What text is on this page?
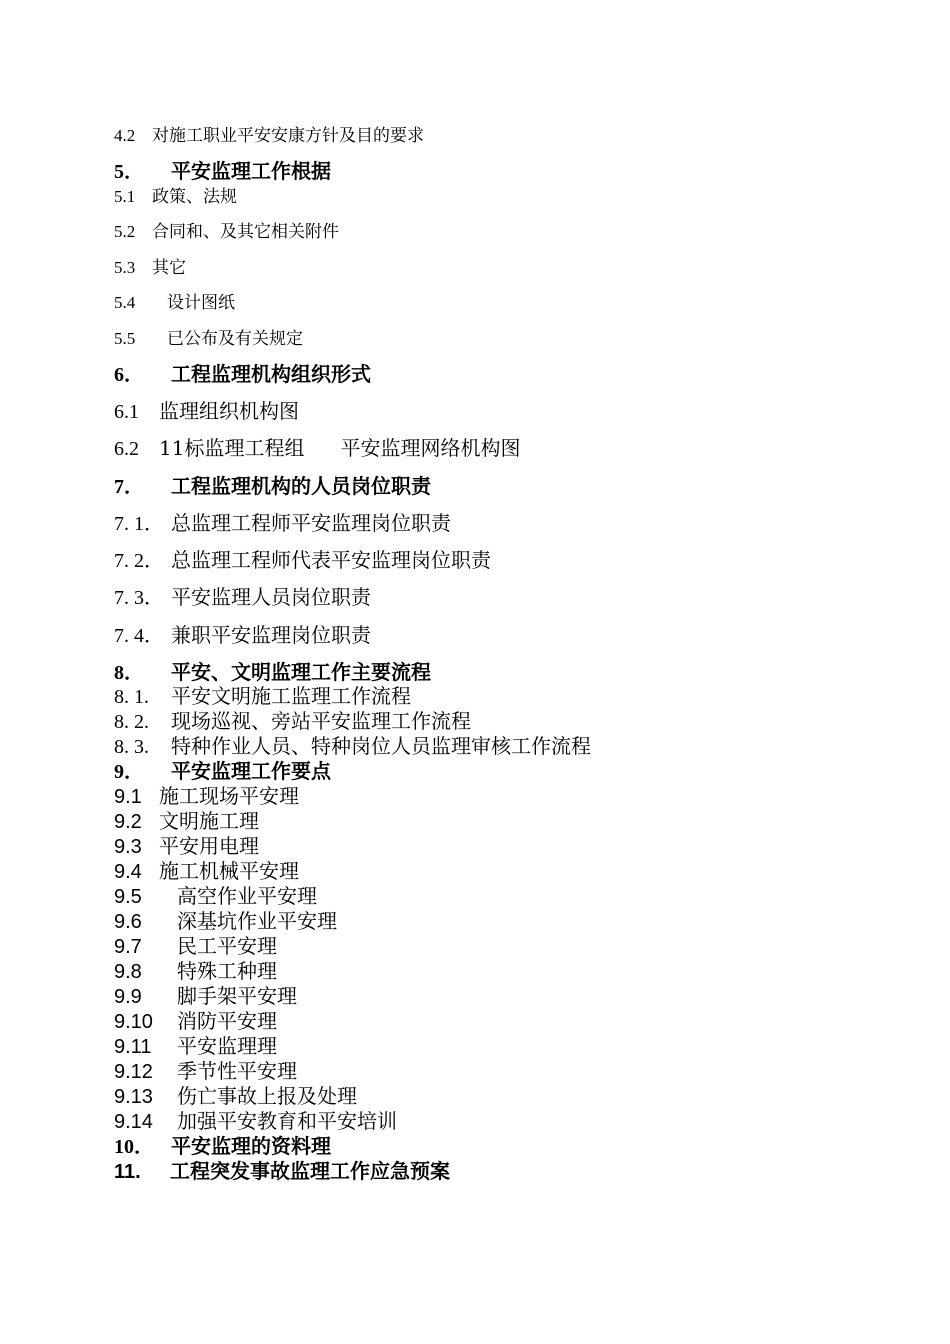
4.2 对施工职业平安安康方针及目的要求
5． 平安监理工作根据
5.1 政策、法规
5.2 合同和、及其它相关附件
5.3 其它
5.4 设计图纸
5.5 已公布及有关规定
6． 工程监理机构组织形式
6.1 监理组织机构图
6.2 11标监理工程组 平安监理网络机构图
7． 工程监理机构的人员岗位职责
7. 1． 总监理工程师平安监理岗位职责
7. 2． 总监理工程师代表平安监理岗位职责
7. 3． 平安监理人员岗位职责
7. 4． 兼职平安监理岗位职责
8． 平安、文明监理工作主要流程
8. 1. 平安文明施工监理工作流程
8. 2. 现场巡视、旁站平安监理工作流程
8. 3. 特种作业人员、特种岗位人员监理审核工作流程
9． 平安监理工作要点
9.1 施工现场平安理
9.2 文明施工理
9.3 平安用电理
9.4 施工机械平安理
9.5 高空作业平安理
9.6 深基坑作业平安理
9.7 民工平安理
9.8 特殊工种理
9.9 脚手架平安理
9.10 消防平安理
9.11 平安监理理
9.12 季节性平安理
9.13 伤亡事故上报及处理
9.14 加强平安教育和平安培训
10． 平安监理的资料理
11. 工程突发事故监理工作应急预案
